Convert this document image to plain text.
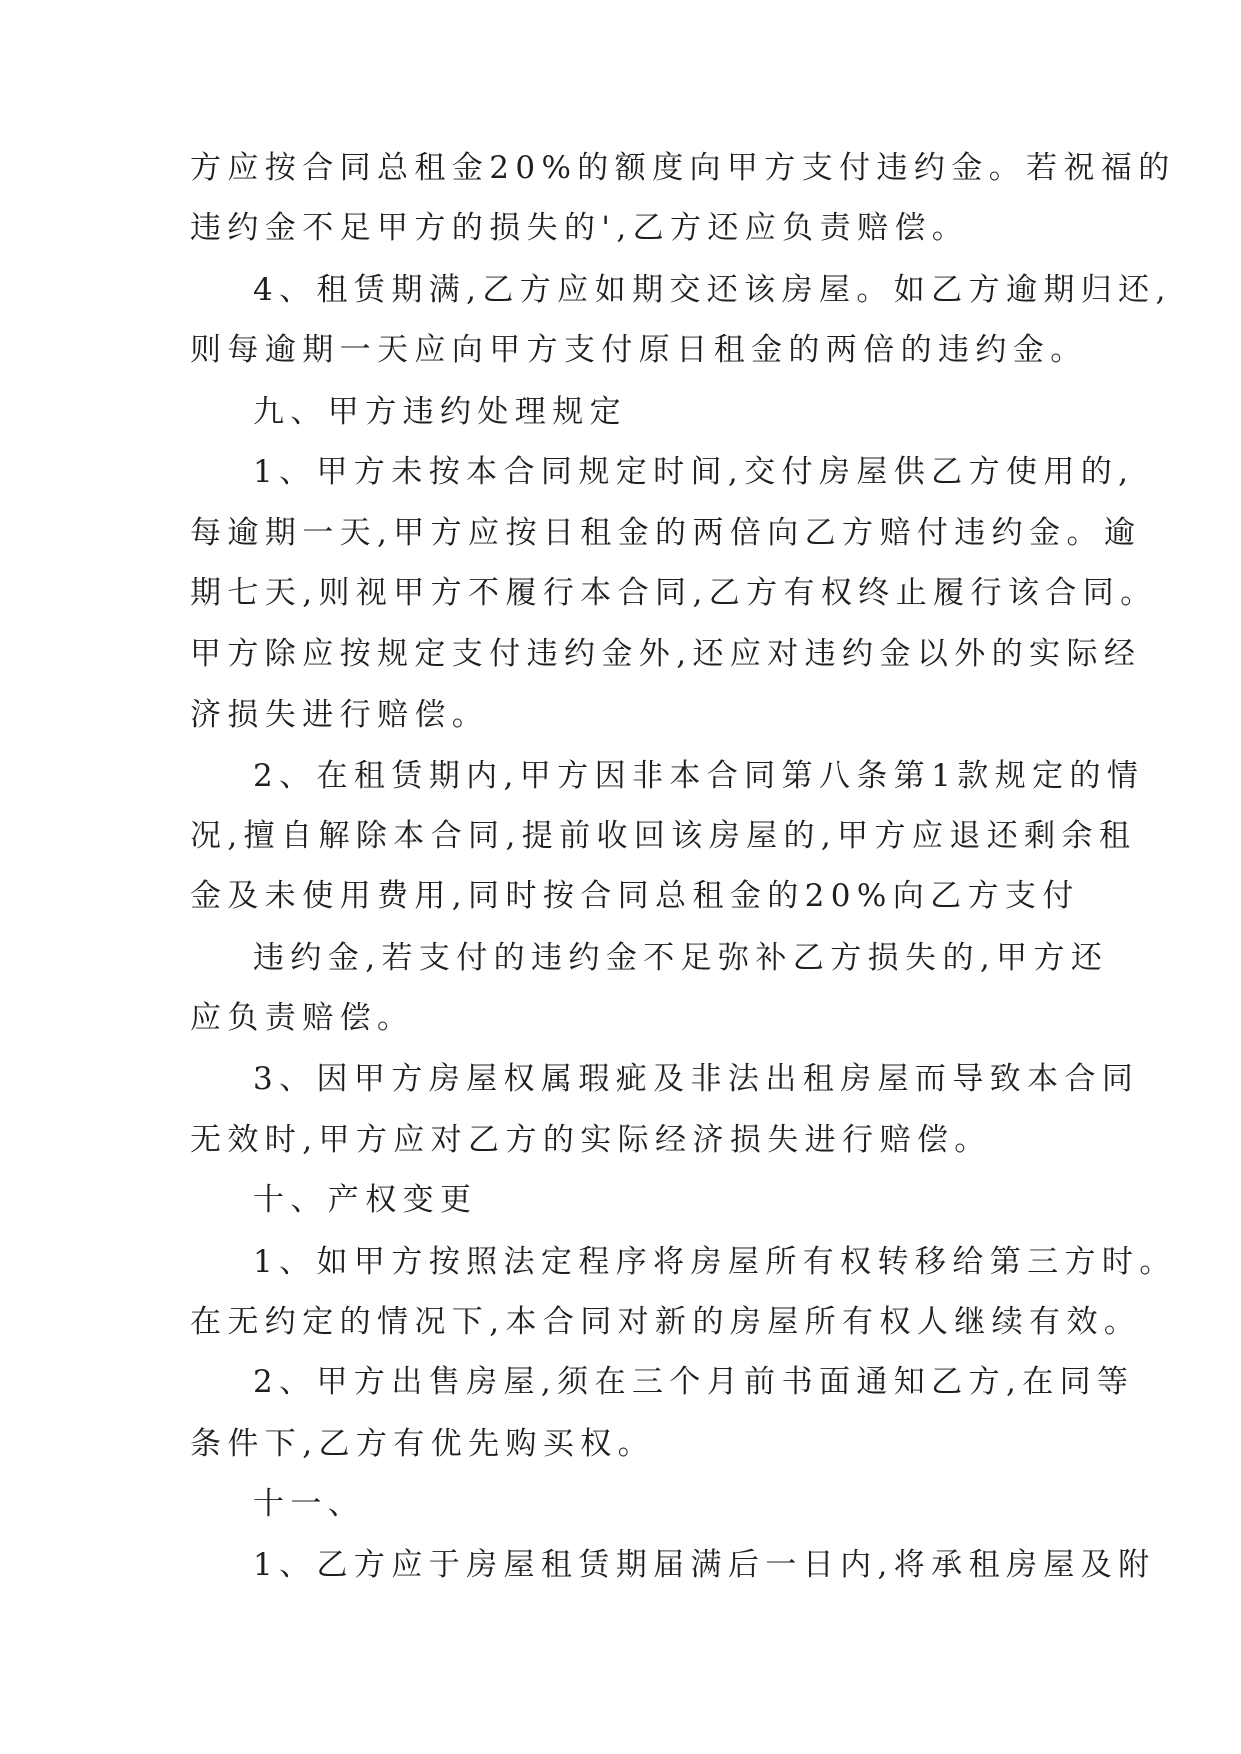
方应按合同总租金20%的额度向甲方支付违约金。若祝福的
违约金不足甲方的损失的',乙方还应负责赔偿。
4、租赁期满,乙方应如期交还该房屋。如乙方逾期归还,
则每逾期一天应向甲方支付原日租金的两倍的违约金。
九、甲方违约处理规定
1、甲方未按本合同规定时间,交付房屋供乙方使用的,
每逾期一天,甲方应按日租金的两倍向乙方赔付违约金。逾
期七天,则视甲方不履行本合同,乙方有权终止履行该合同。
甲方除应按规定支付违约金外,还应对违约金以外的实际经
济损失进行赔偿。
2、在租赁期内,甲方因非本合同第八条第1款规定的情
况,擅自解除本合同,提前收回该房屋的,甲方应退还剩余租
金及未使用费用,同时按合同总租金的20%向乙方支付
违约金,若支付的违约金不足弥补乙方损失的,甲方还
应负责赔偿。
3、因甲方房屋权属瑕疵及非法出租房屋而导致本合同
无效时,甲方应对乙方的实际经济损失进行赔偿。
十、产权变更
1、如甲方按照法定程序将房屋所有权转移给第三方时。
在无约定的情况下,本合同对新的房屋所有权人继续有效。
2、甲方出售房屋,须在三个月前书面通知乙方,在同等
条件下,乙方有优先购买权。
十一、
1、乙方应于房屋租赁期届满后一日内,将承租房屋及附
